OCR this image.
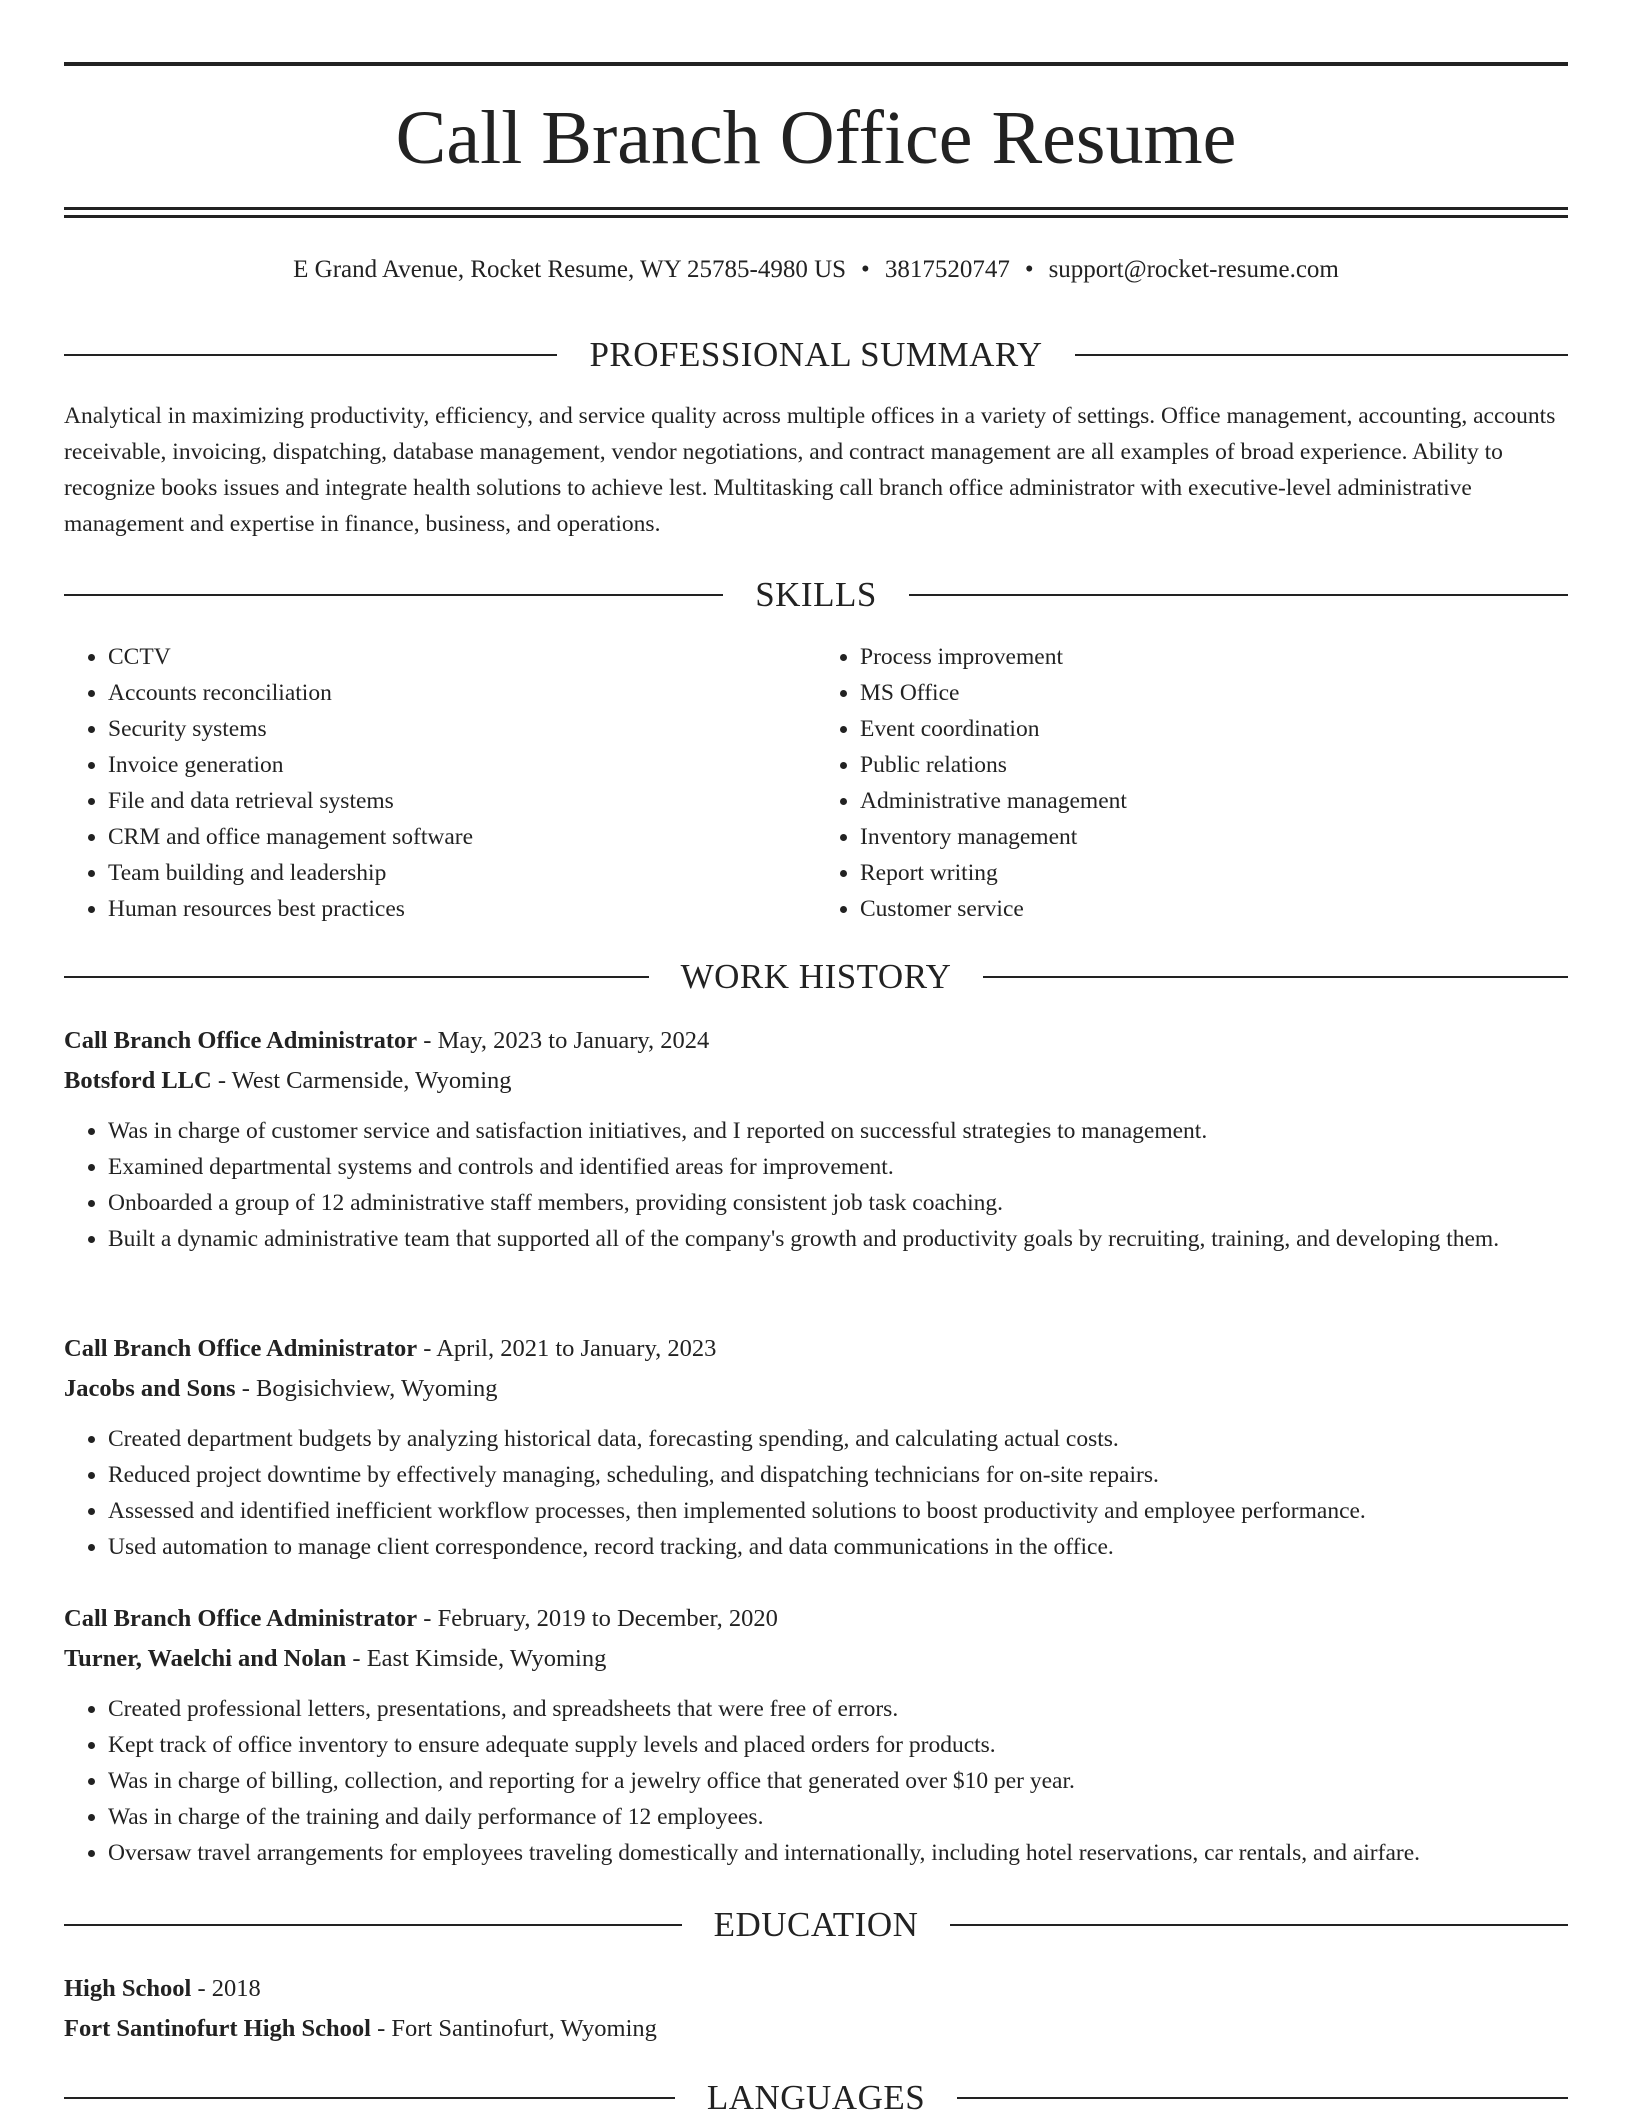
Call Branch Office Resume
E Grand Avenue, Rocket Resume, WY 25785-4980 US • 3817520747 • support@rocket-resume.com
PROFESSIONAL SUMMARY

Analytical in maximizing productivity, efficiency, and service quality across multiple offices in a variety of settings. Office management, accounting, accounts receivable, invoicing, dispatching, database management, vendor negotiations, and contract management are all examples of broad experience. Ability to recognize books issues and integrate health solutions to achieve lest. Multitasking call branch office administrator with executive-level administrative management and expertise in finance, business, and operations.

SKILLS
• CCTV
• Accounts reconciliation
• Security systems
• Invoice generation
• File and data retrieval systems
• CRM and office management software
• Team building and leadership
• Human resources best practices
• Process improvement
• MS Office
• Event coordination
• Public relations
• Administrative management
• Inventory management
• Report writing
• Customer service
WORK HISTORY
Call Branch Office Administrator - May, 2023 to January, 2024
Botsford LLC - West Carmenside, Wyoming
• Was in charge of customer service and satisfaction initiatives, and I reported on successful strategies to management.
• Examined departmental systems and controls and identified areas for improvement.
• Onboarded a group of 12 administrative staff members, providing consistent job task coaching.
• Built a dynamic administrative team that supported all of the company's growth and productivity goals by recruiting, training, and developing them.
Call Branch Office Administrator - April, 2021 to January, 2023
Jacobs and Sons - Bogisichview, Wyoming
• Created department budgets by analyzing historical data, forecasting spending, and calculating actual costs.
• Reduced project downtime by effectively managing, scheduling, and dispatching technicians for on-site repairs.
• Assessed and identified inefficient workflow processes, then implemented solutions to boost productivity and employee performance.
• Used automation to manage client correspondence, record tracking, and data communications in the office.
Call Branch Office Administrator - February, 2019 to December, 2020
Turner, Waelchi and Nolan - East Kimside, Wyoming
• Created professional letters, presentations, and spreadsheets that were free of errors.
• Kept track of office inventory to ensure adequate supply levels and placed orders for products.
• Was in charge of billing, collection, and reporting for a jewelry office that generated over $10 per year.
• Was in charge of the training and daily performance of 12 employees.
• Oversaw travel arrangements for employees traveling domestically and internationally, including hotel reservations, car rentals, and airfare.
EDUCATION
High School - 2018
Fort Santinofurt High School - Fort Santinofurt, Wyoming
LANGUAGES
